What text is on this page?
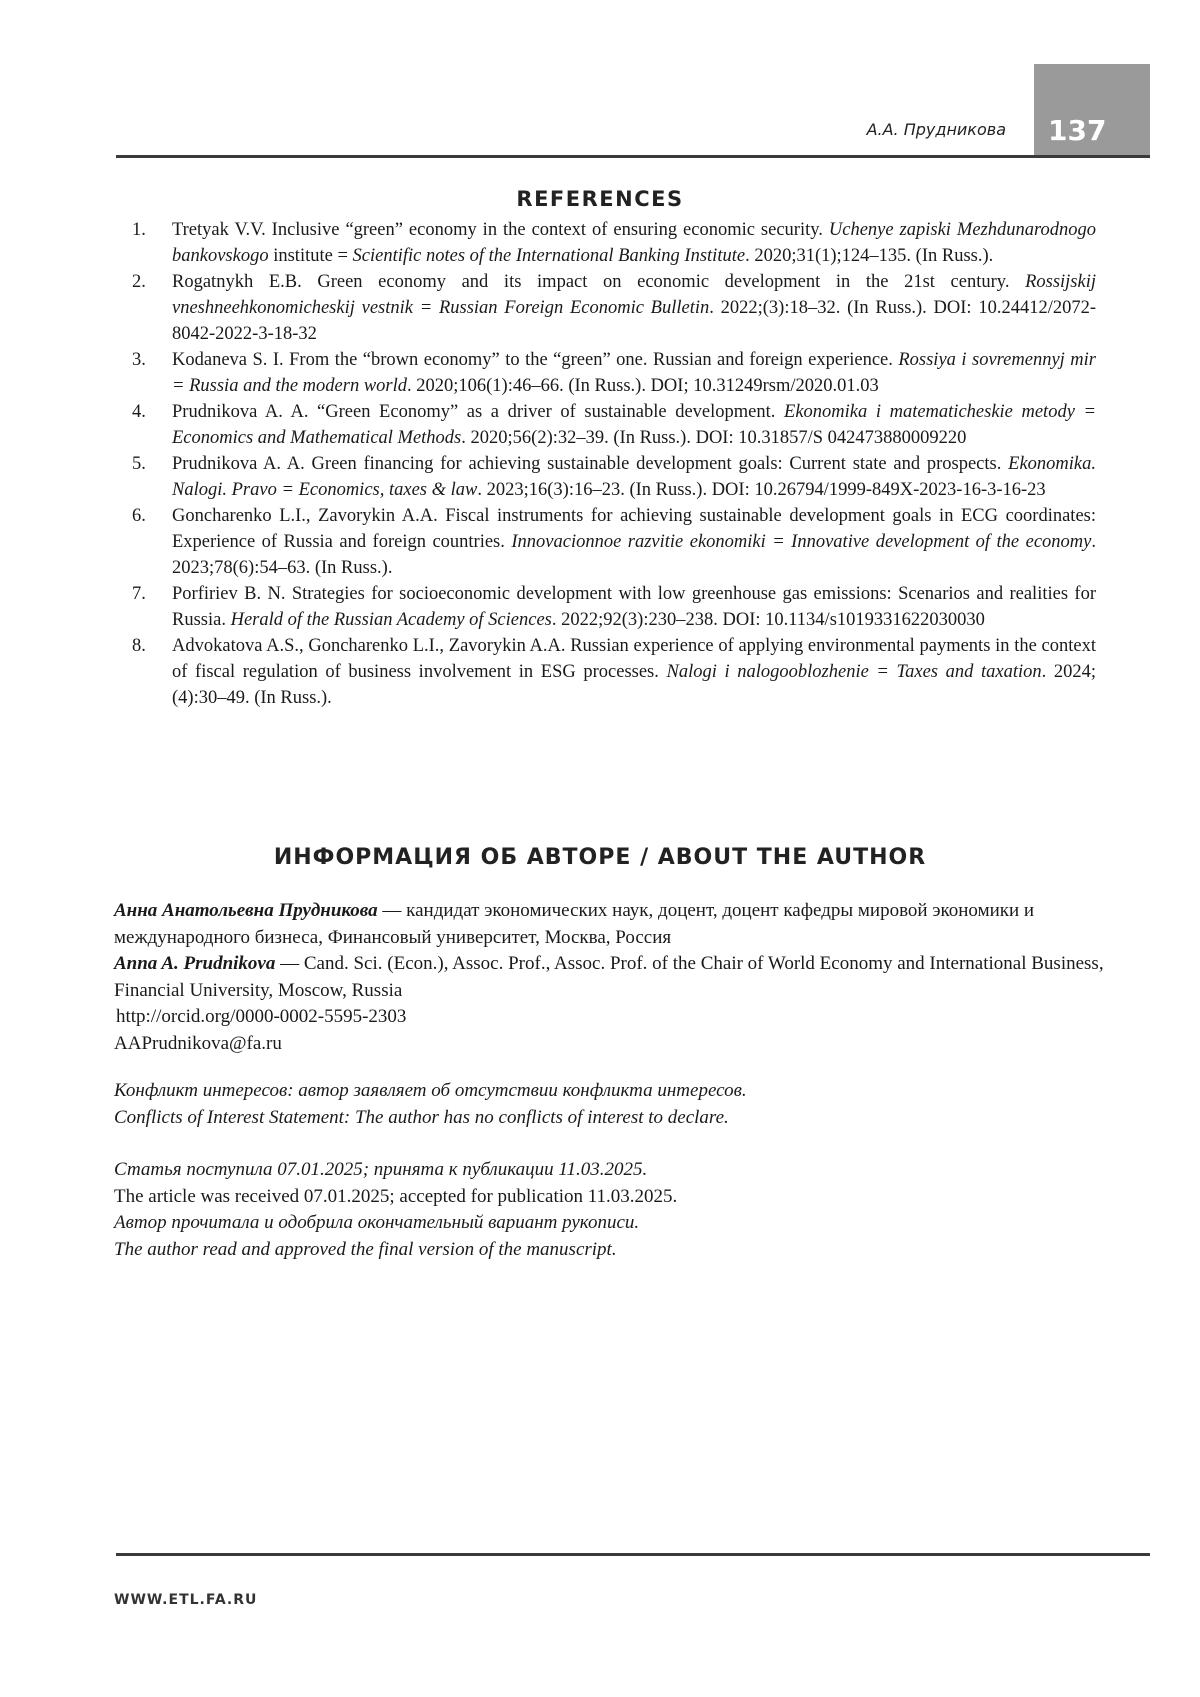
137
А.А. Прудникова
REFERENCES
1.	Tretyak V.V. Inclusive “green” economy in the context of ensuring economic security. Uchenye zapiski Mezhdunarodnogo bankovskogo institute = Scientific notes of the International Banking Institute. 2020;31(1);124–135. (In Russ.).
2.	Rogatnykh E.B. Green economy and its impact on economic development in the 21st century. Rossijskij vneshneehkonomicheskij vestnik = Russian Foreign Economic Bulletin. 2022;(3):18–32. (In Russ.). DOI: 10.24412/2072-8042-2022-3-18-32
3.	Kodaneva S. I. From the “brown economy” to the “green” one. Russian and foreign experience. Rossiya i sovremennyj mir = Russia and the modern world. 2020;106(1):46–66. (In Russ.). DOI; 10.31249rsm/2020.01.03
4.	Prudnikova A. A. “Green Economy” as a driver of sustainable development. Ekonomika i matematicheskie metody = Economics and Mathematical Methods. 2020;56(2):32–39. (In Russ.). DOI: 10.31857/S 042473880009220
5.	Prudnikova A. A. Green financing for achieving sustainable development goals: Current state and prospects. Ekonomika. Nalogi. Pravo = Economics, taxes & law. 2023;16(3):16–23. (In Russ.). DOI: 10.26794/1999-849X-2023-16-3-16-23
6.	Goncharenko L.I., Zavorykin A.A. Fiscal instruments for achieving sustainable development goals in ECG coordinates: Experience of Russia and foreign countries. Innovacionnoe razvitie ekonomiki = Innovative development of the economy. 2023;78(6):54–63. (In Russ.).
7.	Porfiriev B. N. Strategies for socioeconomic development with low greenhouse gas emissions: Scenarios and realities for Russia. Herald of the Russian Academy of Sciences. 2022;92(3):230–238. DOI: 10.1134/s1019331622030030
8.	Advokatova A.S., Goncharenko L.I., Zavorykin A.A. Russian experience of applying environmental payments in the context of fiscal regulation of business involvement in ESG processes. Nalogi i nalogooblozhenie = Taxes and taxation. 2024;(4):30–49. (In Russ.).
ИНФОРМАЦИЯ ОБ АВТОРЕ / ABOUT THE AUTHOR

Анна Анатольевна Прудникова — кандидат экономических наук, доцент, доцент кафедры мировой экономики и международного бизнеса, Финансовый университет, Москва, Россия

Anna A. Prudnikova — Cand. Sci. (Econ.), Assoc. Prof., Assoc. Prof. of the Chair of World Economy and International Business, Financial University, Moscow, Russia

http://orcid.org/0000-0002-5595-2303

AAPrudnikova@fa.ru

Конфликт интересов: автор заявляет об отсутствии конфликта интересов.

Conflicts of Interest Statement: The author has no conflicts of interest to declare.

Статья поступила 07.01.2025; принята к публикации 11.03.2025.

The article was received 07.01.2025; accepted for publication 11.03.2025.

Автор прочитала и одобрила окончательный вариант рукописи.

The author read and approved the final version of the manuscript.

WWW.ETL.FA.RU
